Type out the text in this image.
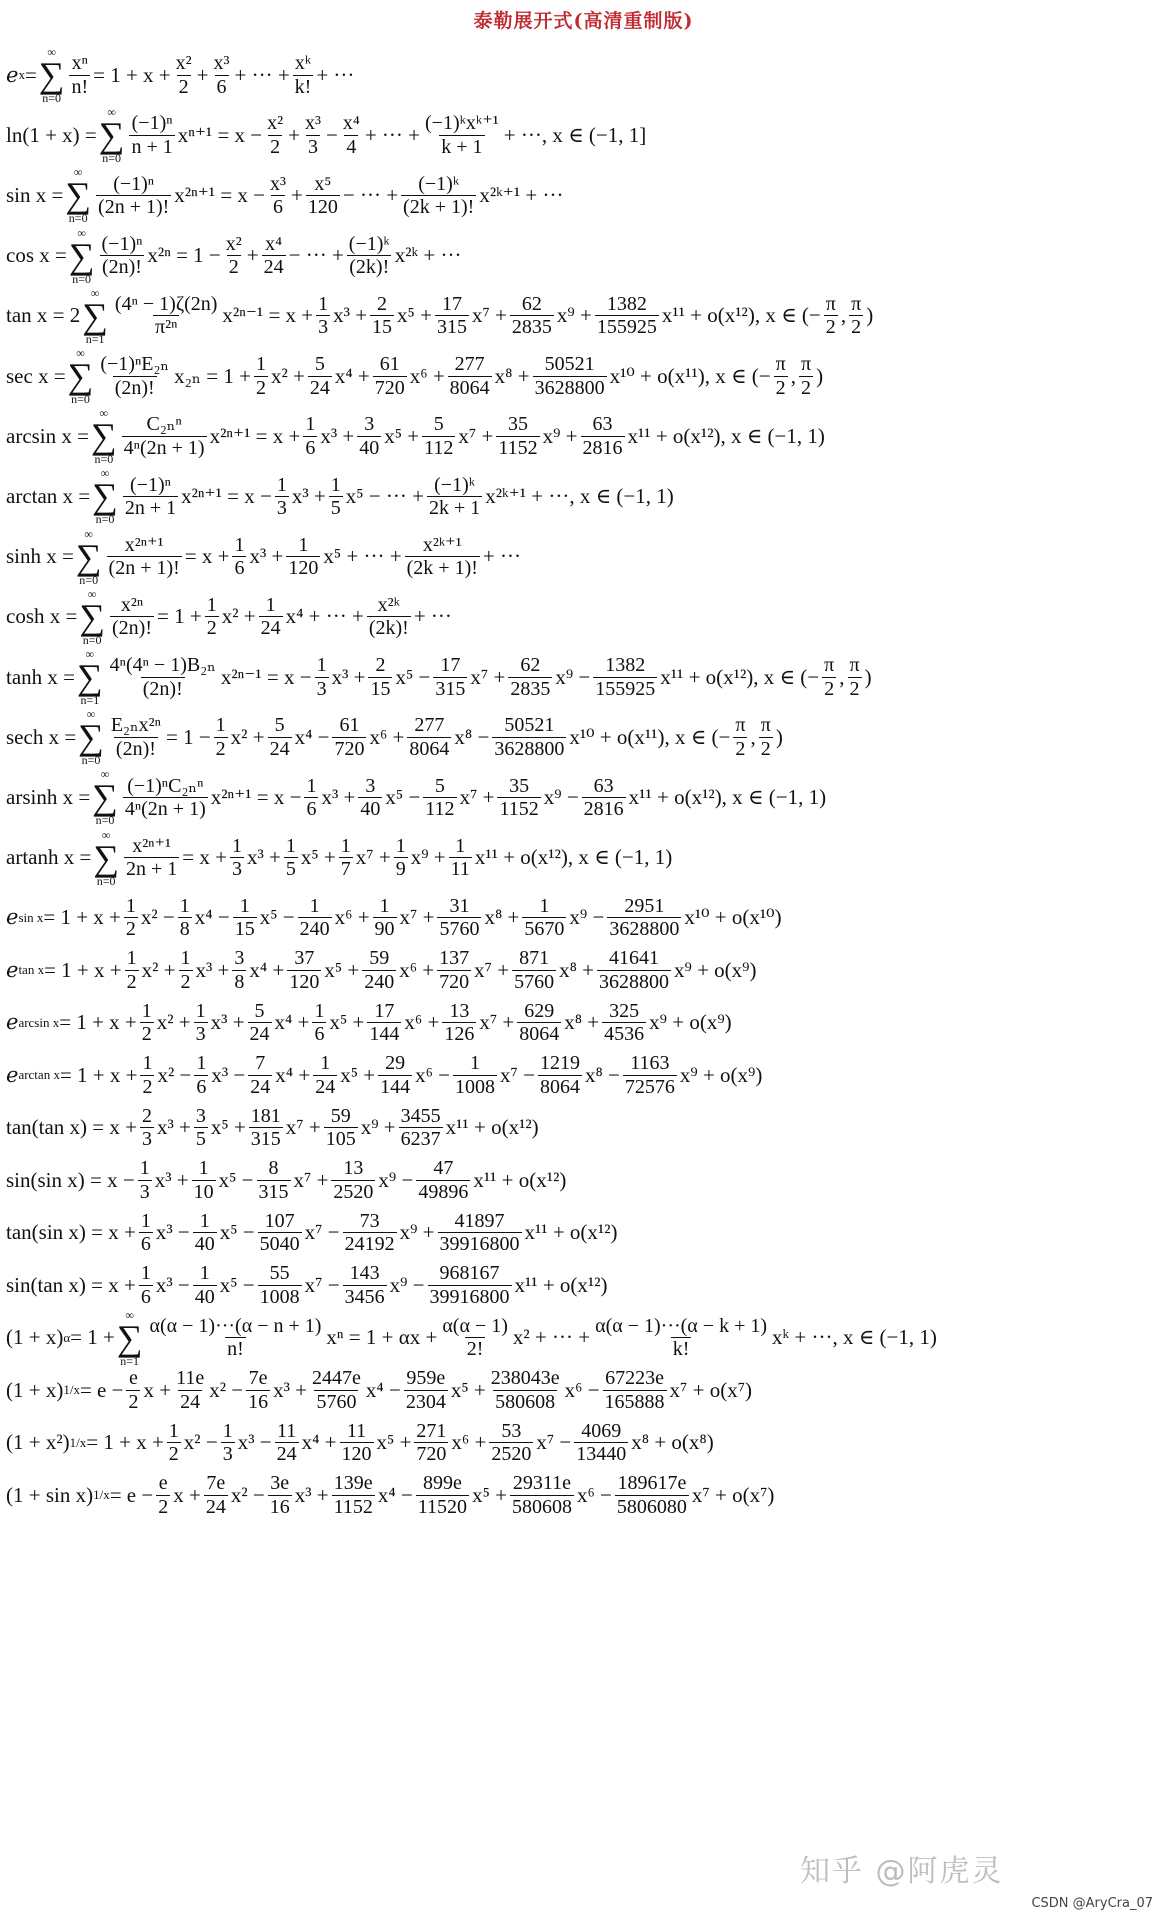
泰勒展开式(高清重制版)
𝑒 x =
∞
∑
n=0
$\frac{\text{xⁿ}}{n!} = 1 + x + \frac{\text{x²}}{2} + \frac{\text{x³}}{6}$ + ··· + $\frac{\text{xᵏ}}{k!}$ + ···
ln(1 + x) =
∞
∑
n=0
$\frac{\text{(−1)ⁿ}}{n + 1} x^{n+1} = x - \frac{\text{x²}}{2} + \frac{\text{x³}}{3} - \frac{\text{x⁴}}{4}$ + ··· + $\frac{\text{(−1)ᵏxᵏ⁺¹}}{k + 1}$ + ···, x ∈ (−1, 1]
sin x =
∞
∑
n=0
$\frac{\text{(−1)ⁿ}}{(2n + 1)!} x^{2n+1} = x - \frac{\text{x³}}{6} + \frac{\text{x⁵}}{120}$ − ··· + $\frac{\text{(−1)ᵏ}}{(2k + 1)!}$ x²ᵏ⁺¹ + ···
cos x =
∞
∑
n=0
$\frac{\text{(−1)ⁿ}}{(2n)!} x^{2n} = 1 - \frac{\text{x²}}{2} + \frac{\text{x⁴}}{24}$ − ··· + $\frac{\text{(−1)ᵏ}}{(2k)!}$ x²ᵏ + ···
tan x = 2
∞
∑
n=1
$\frac{\text{(4ⁿ − 1)ζ(2n)}}{\text{π²ⁿ}} x^{2n-1} = x + \frac{1}{3} x^3 + \frac{2}{15} x^5 + \frac{17}{315} x^7 + \frac{62}{2835} x^9 + \frac{1382}{155925} x^{11} + o(x^{12})$, x ∈ (− $\frac{\pi}{2}$ , $\frac{\pi}{2}$ )
sec x =
∞
∑
n=0
$\frac{\text{(−1)ⁿE₂ₙ}}{(2n)!} x_{2n} = 1 + \frac{1}{2} x^2 + \frac{5}{24} x^4 + \frac{61}{720} x^6 + \frac{277}{8064} x^8 + \frac{50521}{3628800} x^{10} + o(x^{11})$, x ∈ (− $\frac{\pi}{2}$ , $\frac{\pi}{2}$ )
arcsin x =
∞
∑
n=0
$\frac{\text{C₂ₙⁿ}}{\text{4ⁿ(2n + 1)}} x^{2n+1} = x + \frac{1}{6} x^3 + \frac{3}{40} x^5 + \frac{5}{112} x^7 + \frac{35}{1152} x^9 + \frac{63}{2816} x^{11} + o(x^{12})$, x ∈ (−1, 1)
arctan x =
∞
∑
n=0
$\frac{\text{(−1)ⁿ}}{2n + 1} x^{2n+1} = x - \frac{1}{3} x^3 + \frac{1}{5} x^5$ − ··· + $\frac{\text{(−1)ᵏ}}{2k + 1}$ x²ᵏ⁺¹ + ···, x ∈ (−1, 1)
sinh x =
∞
∑
n=0
$\frac{\text{x²ⁿ⁺¹}}{(2n + 1)!} = x + \frac{1}{6} x^3 + \frac{1}{120} x^5$ + ··· + $\frac{\text{x²ᵏ⁺¹}}{(2k + 1)!}$ + ···
cosh x =
∞
∑
n=0
$\frac{\text{x²ⁿ}}{(2n)!} = 1 + \frac{1}{2} x^2 + \frac{1}{24} x^4$ + ··· + $\frac{\text{x²ᵏ}}{(2k)!}$ + ···
tanh x =
∞
∑
n=1
$\frac{\text{4ⁿ(4ⁿ − 1)B₂ₙ}}{(2n)!} x^{2n-1} = x - \frac{1}{3} x^3 + \frac{2}{15} x^5 - \frac{17}{315} x^7 + \frac{62}{2835} x^9 - \frac{1382}{155925} x^{11} + o(x^{12})$, x ∈ (− $\frac{\pi}{2}$ , $\frac{\pi}{2}$ )
sech x =
∞
∑
n=0
$\frac{\text{E₂ₙx²ⁿ}}{(2n)!} = 1 - \frac{1}{2} x^2 + \frac{5}{24} x^4 - \frac{61}{720} x^6 + \frac{277}{8064} x^8 - \frac{50521}{3628800} x^{10} + o(x^{11})$, x ∈ (− $\frac{\pi}{2}$ , $\frac{\pi}{2}$ )
arsinh x =
∞
∑
n=0
$\frac{\text{(−1)ⁿC₂ₙⁿ}}{\text{4ⁿ(2n + 1)}} x^{2n+1} = x - \frac{1}{6} x^3 + \frac{3}{40} x^5 - \frac{5}{112} x^7 + \frac{35}{1152} x^9 - \frac{63}{2816} x^{11} + o(x^{12})$, x ∈ (−1, 1)
artanh x =
∞
∑
n=0
$\frac{\text{x²ⁿ⁺¹}}{2n + 1} = x + \frac{1}{3} x^3 + \frac{1}{5} x^5 + \frac{1}{7} x^7 + \frac{1}{9} x^9 + \frac{1}{11} x^{11} + o(x^{12})$, x ∈ (−1, 1)
𝑒 $\sin x = 1 + x + \frac{1}{2} x^2 - \frac{1}{8} x^4 - \frac{1}{15} x^5 - \frac{1}{240} x^6 + \frac{1}{90} x^7 + \frac{31}{5760} x^8 + \frac{1}{5670} x^9 - \frac{2951}{3628800} x^{10} + o(x^{10})$
𝑒 $\tan x = 1 + x + \frac{1}{2} x^2 + \frac{1}{2} x^3 + \frac{3}{8} x^4 + \frac{37}{120} x^5 + \frac{59}{240} x^6 + \frac{137}{720} x^7 + \frac{871}{5760} x^8 + \frac{41641}{3628800} x^9 + o(x^9)$
𝑒 $\arcsin x = 1 + x + \frac{1}{2} x^2 + \frac{1}{3} x^3 + \frac{5}{24} x^4 + \frac{1}{6} x^5 + \frac{17}{144} x^6 + \frac{13}{126} x^7 + \frac{629}{8064} x^8 + \frac{325}{4536} x^9 + o(x^9)$
𝑒 $\arctan x = 1 + x + \frac{1}{2} x^2 - \frac{1}{6} x^3 - \frac{7}{24} x^4 + \frac{1}{24} x^5 + \frac{29}{144} x^6 - \frac{1}{1008} x^7 - \frac{1219}{8064} x^8 - \frac{1163}{72576} x^9 + o(x^9)$
tan(tan $x) = x + \frac{2}{3} x^3 + \frac{3}{5} x^5 + \frac{181}{315} x^7 + \frac{59}{105} x^9 + \frac{3455}{6237} x^{11} + o(x^{12})$
sin(sin $x) = x - \frac{1}{3} x^3 + \frac{1}{10} x^5 - \frac{8}{315} x^7 + \frac{13}{2520} x^9 - \frac{47}{49896} x^{11} + o(x^{12})$
tan(sin $x) = x + \frac{1}{6} x^3 - \frac{1}{40} x^5 - \frac{107}{5040} x^7 - \frac{73}{24192} x^9 + \frac{41897}{39916800} x^{11} + o(x^{12})$
sin(tan $x) = x + \frac{1}{6} x^3 - \frac{1}{40} x^5 - \frac{55}{1008} x^7 - \frac{143}{3456} x^9 - \frac{968167}{39916800} x^{11} + o(x^{12})$
(1 + x) α = 1 +
∞
∑
n=1
$\frac{\alpha(\alpha - 1)\cdot\cdot\cdot(\alpha - n + 1)}{n!}$ $x^n = 1 + \alpha x + \frac{\alpha(\alpha - 1)}{2!} x^2$ + ··· + $\frac{\alpha(\alpha - 1)\cdot\cdot\cdot(\alpha - k + 1)}{k!}$ xᵏ + ···, x ∈ (−1, 1)
(1 + x) $1/x = e - \frac{e}{2}$ $x + \frac{11e}{24} x^2 - \frac{7e}{16} x^3 + \frac{2447e}{5760} x^4 - \frac{959e}{2304} x^5 + \frac{238043e}{580608} x^6 - \frac{67223e}{165888} x^7 + o(x^7)$
(1 + x²) $1/x = 1 + x + \frac{1}{2} x^2 - \frac{1}{3} x^3 - \frac{11}{24} x^4 + \frac{11}{120} x^5 + \frac{271}{720} x^6 + \frac{53}{2520} x^7 - \frac{4069}{13440} x^8 + o(x^8)$
(1 + sin x) $1/x = e - \frac{e}{2}$ $x + \frac{7e}{24} x^2 - \frac{3e}{16} x^3 + \frac{139e}{1152} x^4 - \frac{899e}{11520} x^5 + \frac{29311e}{580608} x^6 - \frac{189617e}{5806080} x^7 + o(x^7)$
知乎 @阿虎灵
CSDN @AryCra_07
